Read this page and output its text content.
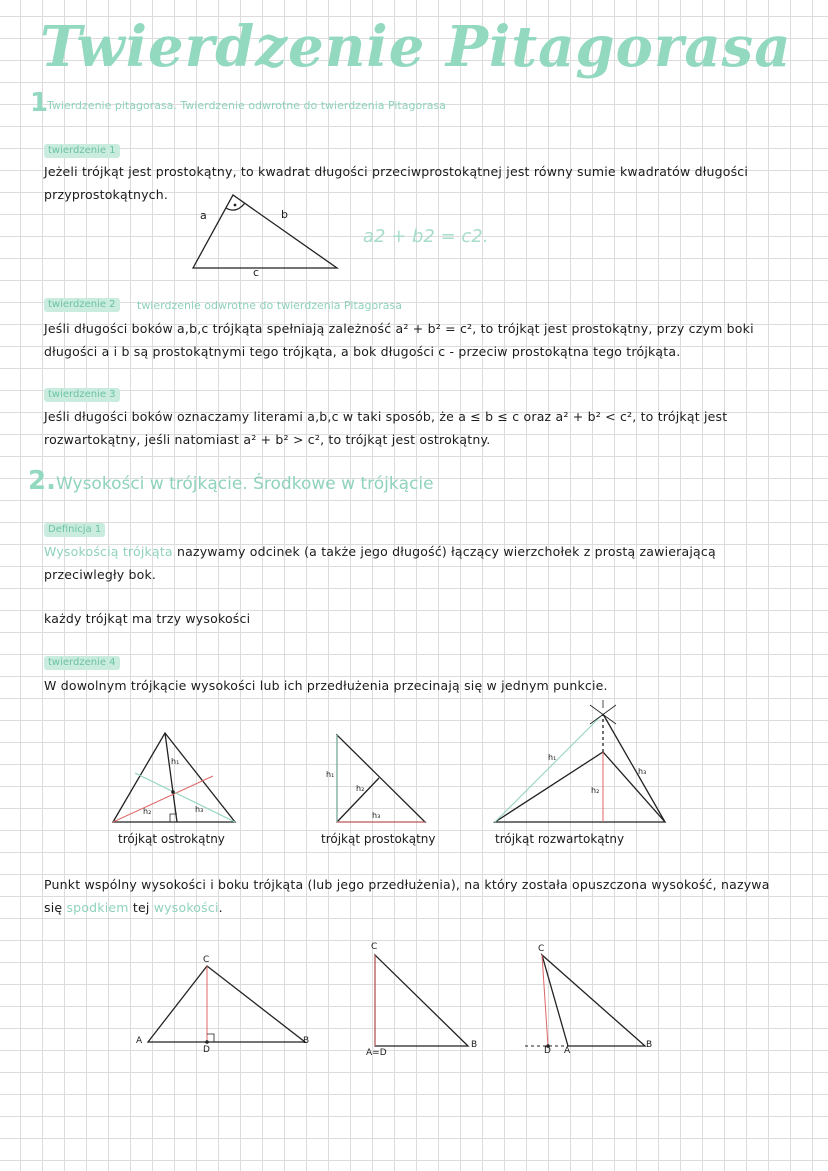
Twierdzenie Pitagorasa
1
Twierdzenie pitagorasa. Twierdzenie odwrotne do twierdzenia Pitagorasa
twierdzenie 1
Jeżeli trójkąt jest prostokątny, to kwadrat długości przeciwprostokątnej jest równy sumie kwadratów długości
przyprostokątnych.
a	b
c
a2 + b2 = c2.
twierdzenie 2	twierdzenie odwrotne do twierdzenia Pitagorasa
Jeśli długości boków a,b,c trójkąta spełniają zależność a² + b² = c², to trójkąt jest prostokątny, przy czym boki
długości a i b są prostokątnymi tego trójkąta, a bok długości c - przeciw prostokątna tego trójkąta.
twierdzenie 3
Jeśli długości boków oznaczamy literami a,b,c w taki sposób, że a ≤ b ≤ c oraz a² + b² < c², to trójkąt jest
rozwartokątny, jeśli natomiast a² + b² > c², to trójkąt jest ostrokątny.
2. Wysokości w trójkącie. Środkowe w trójkącie
Definicja 1
Wysokością trójkąta nazywamy odcinek (a także jego długość) łączący wierzchołek z prostą zawierającą
przeciwległy bok.
każdy trójkąt ma trzy wysokości
twierdzenie 4
W dowolnym trójkącie wysokości lub ich przedłużenia przecinają się w jednym punkcie.
h₁
h₂	h₃
h₁
h₂
h₃
h₁
h₂
h₃
trójkąt ostrokątny	trójkąt prostokątny	trójkąt rozwartokątny
Punkt wspólny wysokości i boku trójkąta (lub jego przedłużenia), na który została opuszczona wysokość, nazywa
się spodkiem tej wysokości.
A
C
B
D
C
A=D
B
C
D A
B
